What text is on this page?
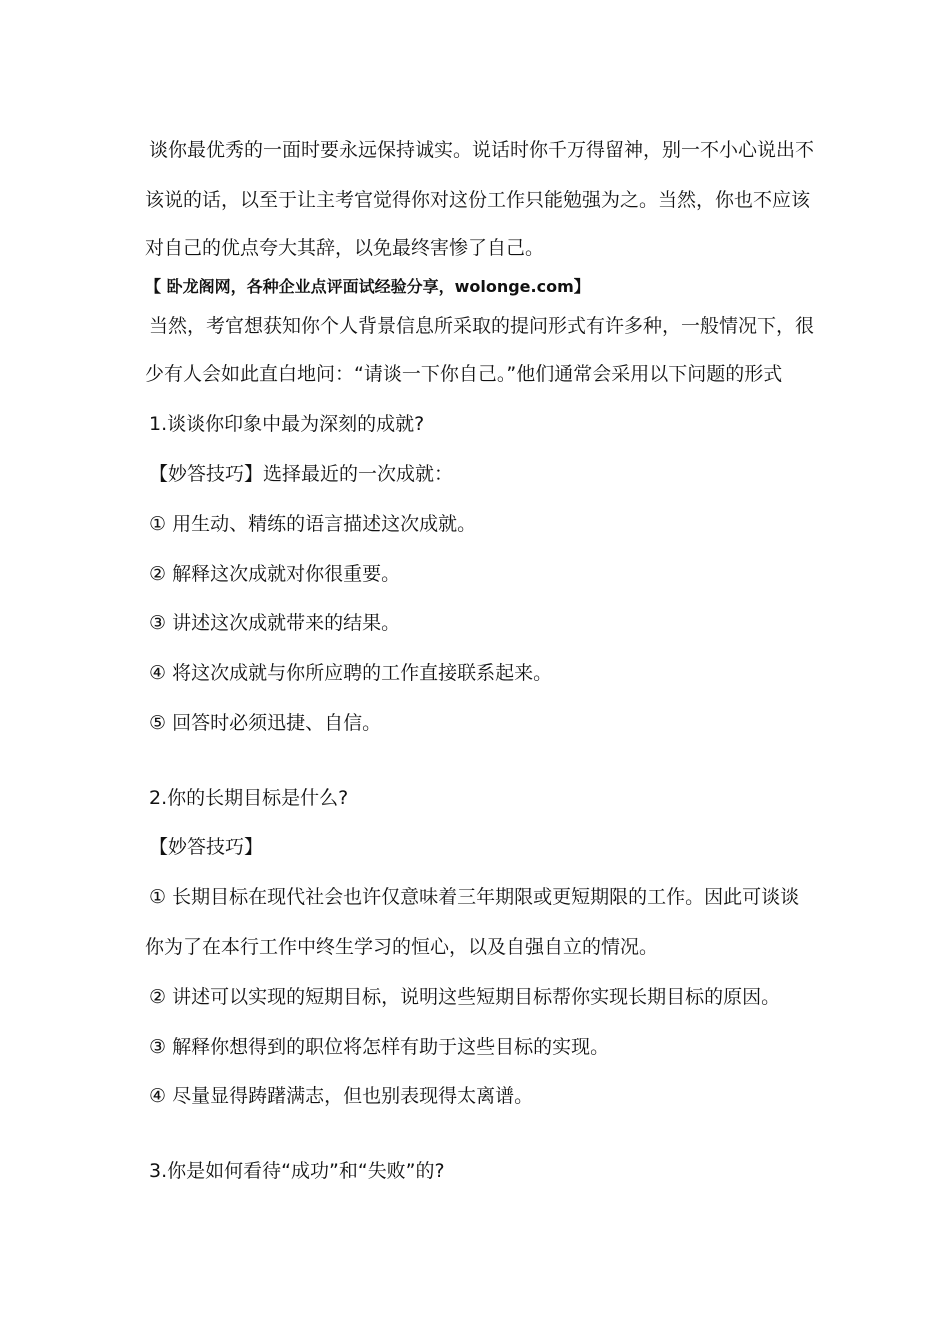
谈你最优秀的一面时要永远保持诚实。说话时你千万得留神，别一不小心说出不
该说的话，以至于让主考官觉得你对这份工作只能勉强为之。当然，你也不应该
对自己的优点夸大其辞，以免最终害惨了自己。
【 卧龙阁网，各种企业点评面试经验分享，wolonge.com】
当然，考官想获知你个人背景信息所采取的提问形式有许多种，一般情况下，很
少有人会如此直白地问：“请谈一下你自己。”他们通常会采用以下问题的形式
1.谈谈你印象中最为深刻的成就?
【妙答技巧】选择最近的一次成就：
① 用生动、精练的语言描述这次成就。
② 解释这次成就对你很重要。
③ 讲述这次成就带来的结果。
④ 将这次成就与你所应聘的工作直接联系起来。
⑤ 回答时必须迅捷、自信。
2.你的长期目标是什么?
【妙答技巧】
① 长期目标在现代社会也许仅意味着三年期限或更短期限的工作。因此可谈谈
你为了在本行工作中终生学习的恒心，以及自强自立的情况。
② 讲述可以实现的短期目标，说明这些短期目标帮你实现长期目标的原因。
③ 解释你想得到的职位将怎样有助于这些目标的实现。
④ 尽量显得踌躇满志，但也别表现得太离谱。
3.你是如何看待“成功”和“失败”的?
